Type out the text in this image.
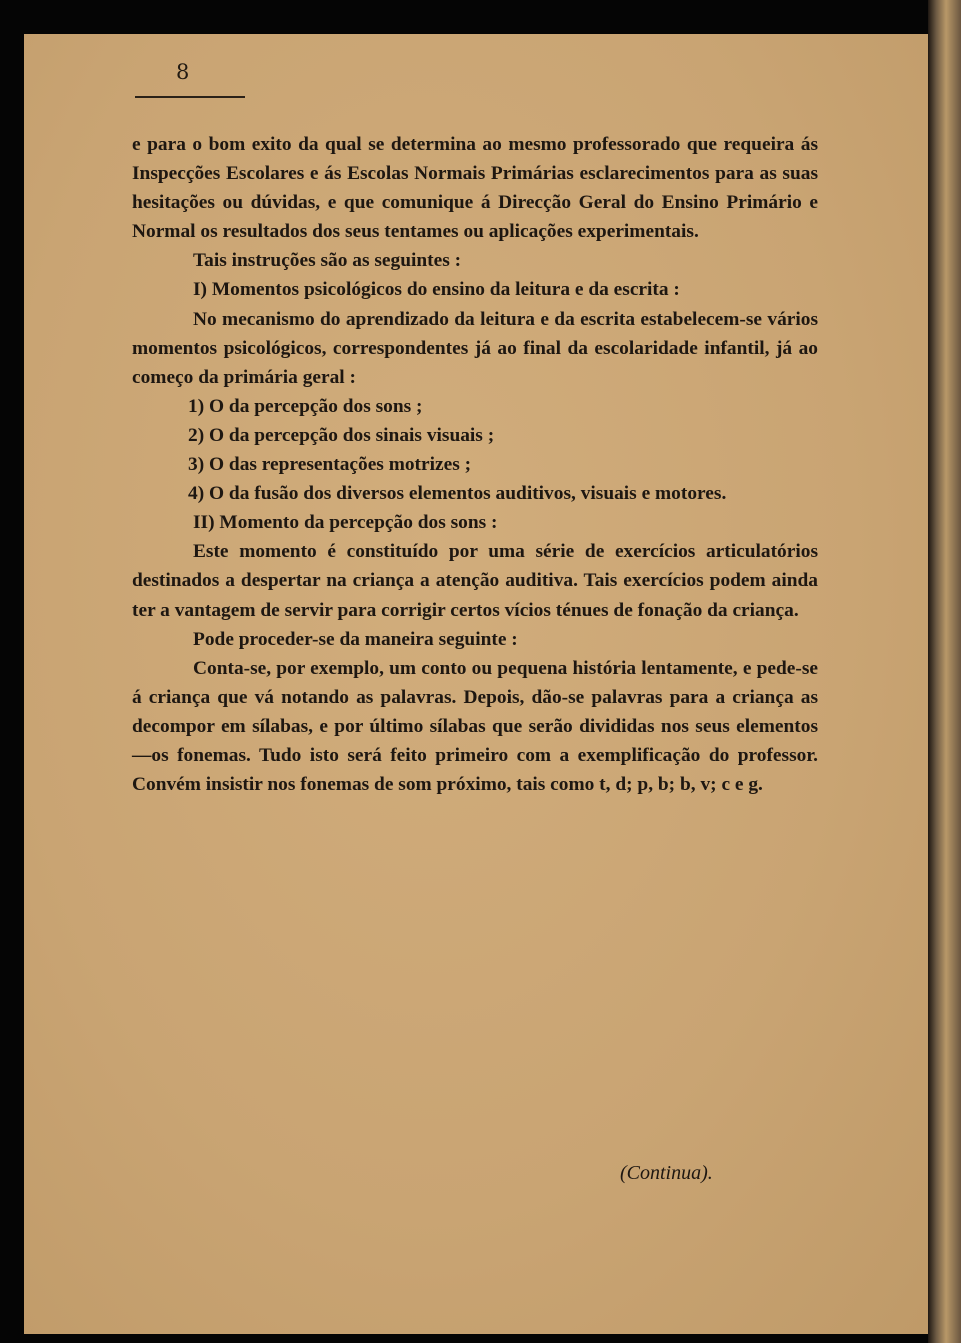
8

e para o bom exito da qual se determina ao mesmo professorado que requeira ás Inspecções Escolares e ás Escolas Normais Primárias esclarecimentos para as suas hesitações ou dúvidas, e que comunique á Direcção Geral do Ensino Primário e Normal os resultados dos seus tentames ou aplicações experimentais.

Tais instruções são as seguintes :

I) Momentos psicológicos do ensino da leitura e da escrita :

No mecanismo do aprendizado da leitura e da escrita estabelecem-se vários momentos psicológicos, correspondentes já ao final da escolaridade infantil, já ao começo da primária geral :

1) O da percepção dos sons ;

2) O da percepção dos sinais visuais ;

3) O das representações motrizes ;

4) O da fusão dos diversos elementos auditivos, visuais e motores.

II) Momento da percepção dos sons :

Este momento é constituído por uma série de exercícios articulatórios destinados a despertar na criança a atenção auditiva. Tais exercícios podem ainda ter a vantagem de servir para corrigir certos vícios ténues de fonação da criança.

Pode proceder-se da maneira seguinte :

Conta-se, por exemplo, um conto ou pequena história lentamente, e pede-se á criança que vá notando as palavras. Depois, dão-se palavras para a criança as decompor em sílabas, e por último sílabas que serão divididas nos seus elementos—os fonemas. Tudo isto será feito primeiro com a exemplificação do professor. Convém insistir nos fonemas de som próximo, tais como t, d; p, b; b, v; c e g.

(Continua).
